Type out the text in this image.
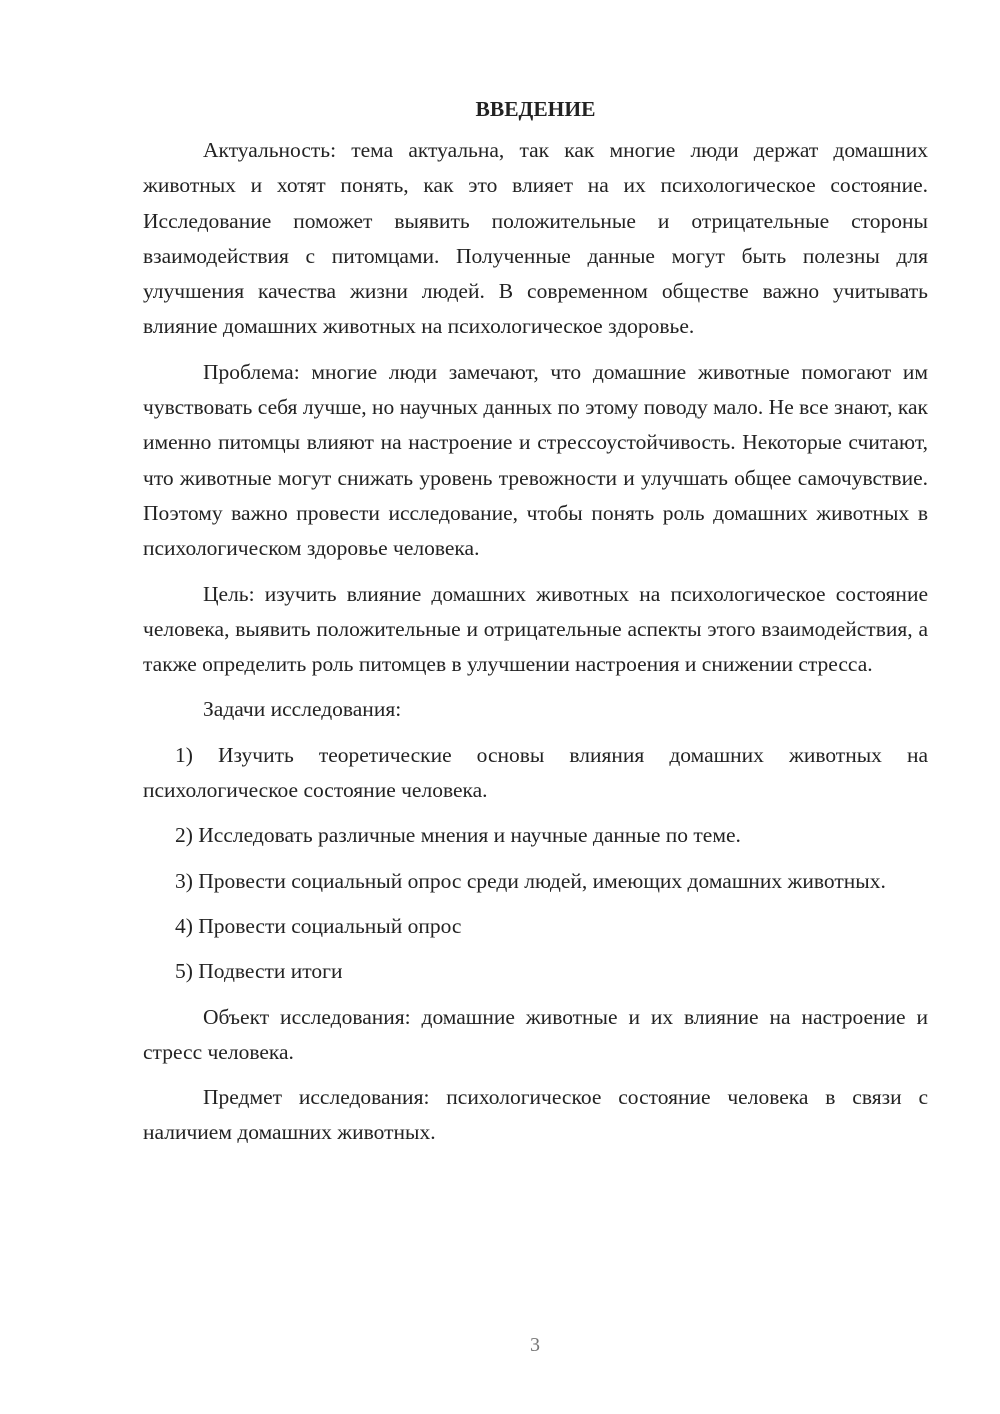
ВВЕДЕНИЕ

Актуальность: тема актуальна, так как многие люди держат домашних животных и хотят понять, как это влияет на их психологическое состояние. Исследование поможет выявить положительные и отрицательные стороны взаимодействия с питомцами. Полученные данные могут быть полезны для улучшения качества жизни людей. В современном обществе важно учитывать влияние домашних животных на психологическое здоровье.

Проблема: многие люди замечают, что домашние животные помогают им чувствовать себя лучше, но научных данных по этому поводу мало. Не все знают, как именно питомцы влияют на настроение и стрессоустойчивость. Некоторые считают, что животные могут снижать уровень тревожности и улучшать общее самочувствие. Поэтому важно провести исследование, чтобы понять роль домашних животных в психологическом здоровье человека.

Цель: изучить влияние домашних животных на психологическое состояние человека, выявить положительные и отрицательные аспекты этого взаимодействия, а также определить роль питомцев в улучшении настроения и снижении стресса.

Задачи исследования:

1) Изучить теоретические основы влияния домашних животных на психологическое состояние человека.

2) Исследовать различные мнения и научные данные по теме.

3) Провести социальный опрос среди людей, имеющих домашних животных.

4) Провести социальный опрос

5) Подвести итоги

Объект исследования: домашние животные и их влияние на настроение и стресс человека.

Предмет исследования: психологическое состояние человека в связи с наличием домашних животных.

3
